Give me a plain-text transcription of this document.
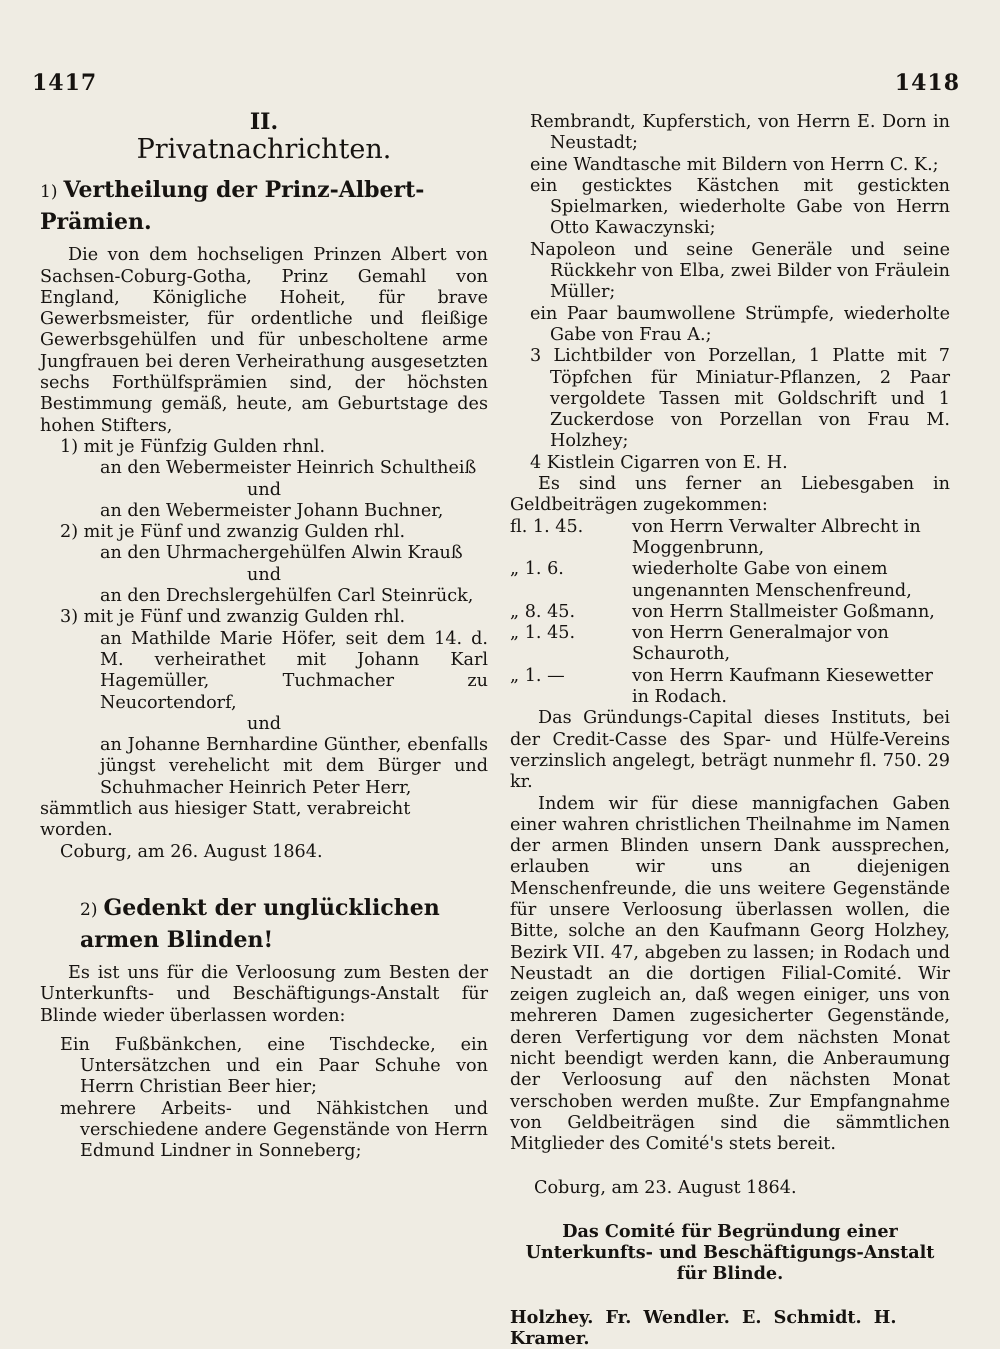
1417	1418
II.
Privatnachrichten.
1) Vertheilung der Prinz-Albert-Prämien.

Die von dem hochseligen Prinzen Albert von Sachsen-Coburg-Gotha, Prinz Gemahl von England, Königliche Hoheit, für brave Gewerbsmeister, für ordentliche und fleißige Gewerbsgehülfen und für unbescholtene arme Jungfrauen bei deren Verheirathung ausgesetzten sechs Forthülfsprämien sind, der höchsten Bestimmung gemäß, heute, am Geburtstage des hohen Stifters,

1) mit je Fünfzig Gulden rhnl.

an den Webermeister Heinrich Schultheiß

und

an den Webermeister Johann Buchner,

2) mit je Fünf und zwanzig Gulden rhl.

an den Uhrmachergehülfen Alwin Krauß

und

an den Drechslergehülfen Carl Steinrück,

3) mit je Fünf und zwanzig Gulden rhl.

an Mathilde Marie Höfer, seit dem 14. d. M. verheirathet mit Johann Karl Hagemüller, Tuchmacher zu Neucortendorf,

und

an Johanne Bernhardine Günther, ebenfalls jüngst verehelicht mit dem Bürger und Schuhmacher Heinrich Peter Herr,

sämmtlich aus hiesiger Statt, verabreicht worden.

Coburg, am 26. August 1864.

2) Gedenkt der unglücklichen armen Blinden!

Es ist uns für die Verloosung zum Besten der Unterkunfts- und Beschäftigungs-Anstalt für Blinde wieder überlassen worden:

Ein Fußbänkchen, eine Tischdecke, ein Untersätzchen und ein Paar Schuhe von Herrn Christian Beer hier;

mehrere Arbeits- und Nähkistchen und verschiedene andere Gegenstände von Herrn Edmund Lindner in Sonneberg;

Rembrandt, Kupferstich, von Herrn E. Dorn in Neustadt;

eine Wandtasche mit Bildern von Herrn C. K.;

ein gesticktes Kästchen mit gestickten Spielmarken, wiederholte Gabe von Herrn Otto Kawaczynski;

Napoleon und seine Generäle und seine Rückkehr von Elba, zwei Bilder von Fräulein Müller;

ein Paar baumwollene Strümpfe, wiederholte Gabe von Frau A.;

3 Lichtbilder von Porzellan, 1 Platte mit 7 Töpfchen für Miniatur-Pflanzen, 2 Paar vergoldete Tassen mit Goldschrift und 1 Zuckerdose von Porzellan von Frau M. Holzhey;

4 Kistlein Cigarren von E. H.

Es sind uns ferner an Liebesgaben in Geldbeiträgen zugekommen:

fl. 1. 45.	von Herrn Verwalter Albrecht in Moggenbrunn,
„ 1. 6.	wiederholte Gabe von einem ungenannten Menschenfreund,
„ 8. 45.	von Herrn Stallmeister Goßmann,
„ 1. 45.	von Herrn Generalmajor von Schauroth,
„ 1. —	von Herrn Kaufmann Kiesewetter in Rodach.

Das Gründungs-Capital dieses Instituts, bei der Credit-Casse des Spar- und Hülfe-Vereins verzinslich angelegt, beträgt nunmehr fl. 750. 29 kr.

Indem wir für diese mannigfachen Gaben einer wahren christlichen Theilnahme im Namen der armen Blinden unsern Dank aussprechen, erlauben wir uns an diejenigen Menschenfreunde, die uns weitere Gegenstände für unsere Verloosung überlassen wollen, die Bitte, solche an den Kaufmann Georg Holzhey, Bezirk VII. 47, abgeben zu lassen; in Rodach und Neustadt an die dortigen Filial-Comité. Wir zeigen zugleich an, daß wegen einiger, uns von mehreren Damen zugesicherter Gegenstände, deren Verfertigung vor dem nächsten Monat nicht beendigt werden kann, die Anberaumung der Verloosung auf den nächsten Monat verschoben werden mußte. Zur Empfangnahme von Geldbeiträgen sind die sämmtlichen Mitglieder des Comité's stets bereit.

Coburg, am 23. August 1864.

Das Comité für Begründung einer Unterkunfts- und Beschäftigungs-Anstalt für Blinde.

Holzhey. Fr. Wendler. E. Schmidt. H. Kramer.
